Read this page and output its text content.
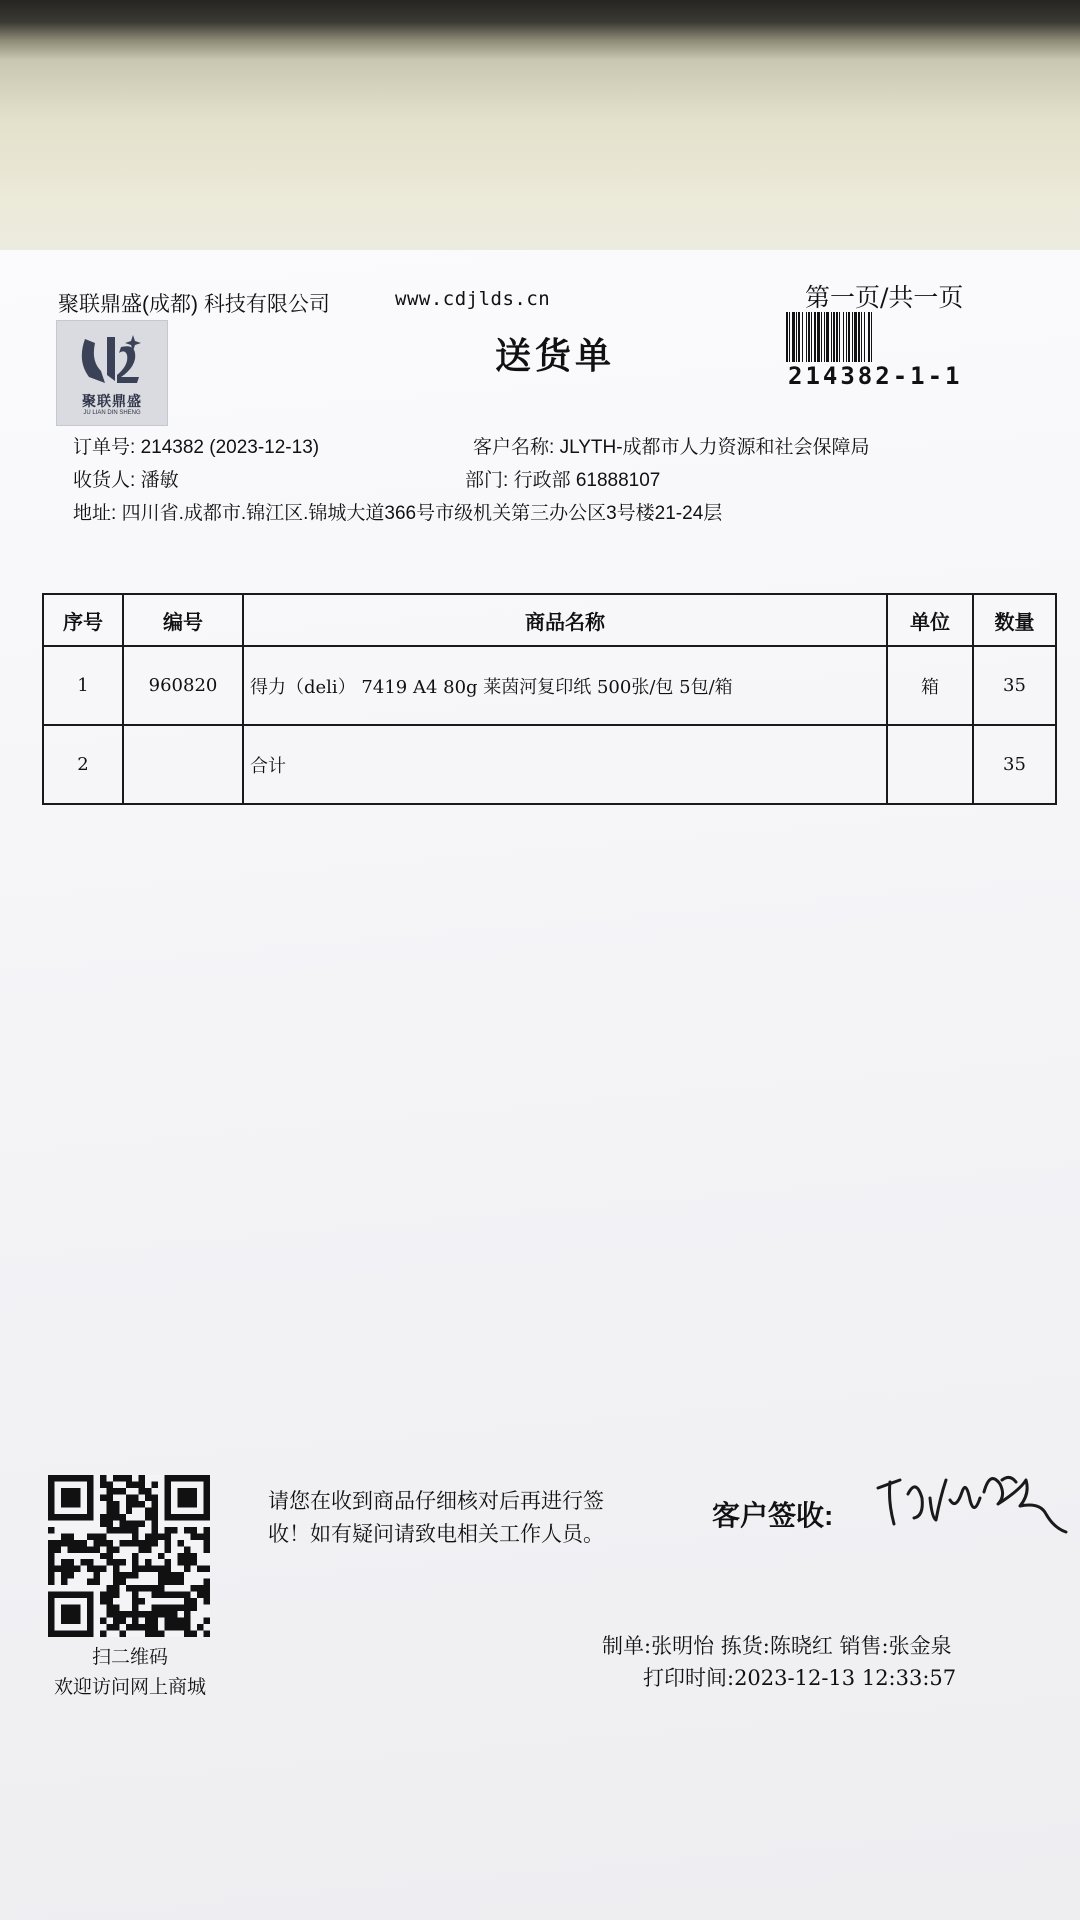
聚联鼎盛(成都) 科技有限公司	www.cdjlds.cn	第一页/共一页
214382-1-1
聚联鼎盛
JU LIAN DIN SHENG
送货单
订单号: 214382 (2023-12-13)	客户名称: JLYTH-成都市人力资源和社会保障局
收货人: 潘敏	部门: 行政部 61888107
地址: 四川省.成都市.锦江区.锦城大道366号市级机关第三办公区3号楼21-24层
序号	编号	商品名称	单位	数量
1	960820	得力（deli） 7419 A4 80g 莱茵河复印纸 500张/包 5包/箱	箱	35
2		合计		35
扫二维码
欢迎访问网上商城
请您在收到商品仔细核对后再进行签
收！如有疑问请致电相关工作人员。
客户签收:
制单:张明怡 拣货:陈晓红 销售:张金泉
打印时间:2023-12-13 12:33:57
